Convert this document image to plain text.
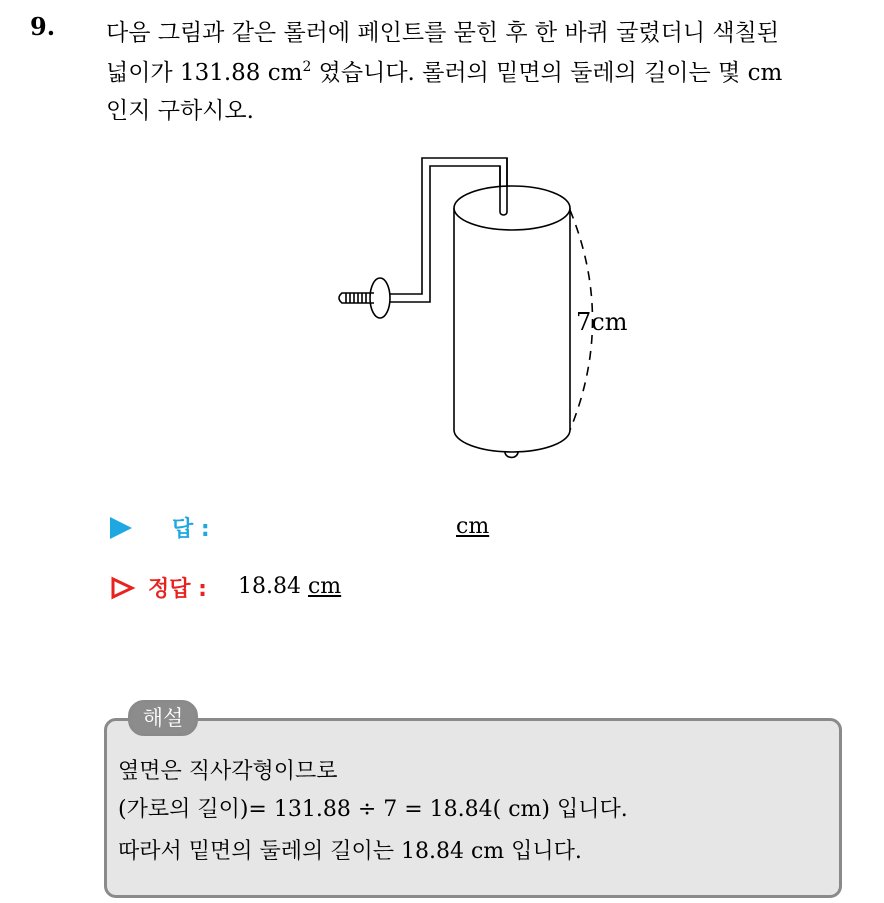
9. 다음 그림과 같은 롤러에 페인트를 묻힌 후 한 바퀴 굴렸더니 색칠된
넓이가 131.88 $cm^2$ 였습니다. 롤러의 밑면의 둘레의 길이는 몇 cm
인지 구하시오.
7cm
답 :	cm
정답 : 18.84 cm
해설
옆면은 직사각형이므로
(가로의 길이)= 131.88 ÷ 7 = 18.84( cm) 입니다.
따라서 밑면의 둘레의 길이는 18.84 cm 입니다.
